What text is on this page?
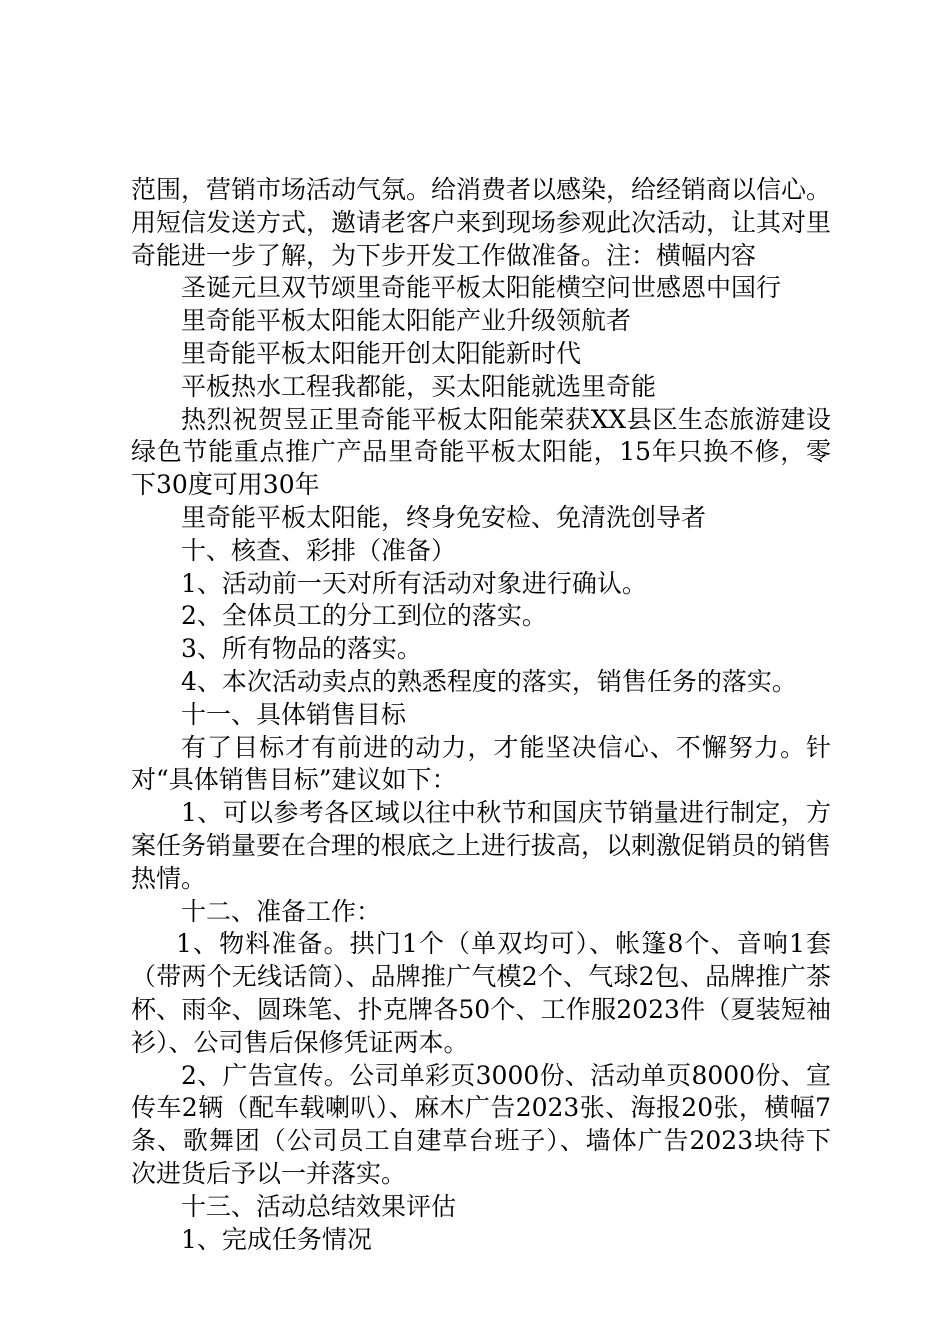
范围，营销市场活动气氛。给消费者以感染，给经销商以信心。用短信发送方式，邀请老客户来到现场参观此次活动，让其对里奇能进一步了解，为下步开发工作做准备。注：横幅内容

圣诞元旦双节颂里奇能平板太阳能横空问世感恩中国行

里奇能平板太阳能太阳能产业升级领航者

里奇能平板太阳能开创太阳能新时代

平板热水工程我都能，买太阳能就选里奇能

热烈祝贺昱正里奇能平板太阳能荣获XX县区生态旅游建设绿色节能重点推广产品里奇能平板太阳能，15年只换不修，零下30度可用30年

里奇能平板太阳能，终身免安检、免清洗创导者

十、核查、彩排（准备）

1、活动前一天对所有活动对象进行确认。

2、全体员工的分工到位的落实。

3、所有物品的落实。

4、本次活动卖点的熟悉程度的落实，销售任务的落实。

十一、具体销售目标

有了目标才有前进的动力，才能坚决信心、不懈努力。针对“具体销售目标”建议如下：

1、可以参考各区域以往中秋节和国庆节销量进行制定，方案任务销量要在合理的根底之上进行拔高，以刺激促销员的销售热情。

十二、准备工作：

1、物料准备。拱门1个（单双均可）、帐篷8个、音响1套（带两个无线话筒）、品牌推广气模2个、气球2包、品牌推广茶杯、雨伞、圆珠笔、扑克牌各50个、工作服2023件（夏装短袖衫）、公司售后保修凭证两本。

2、广告宣传。公司单彩页3000份、活动单页8000份、宣传车2辆（配车载喇叭）、麻木广告2023张、海报20张，横幅7条、歌舞团（公司员工自建草台班子）、墙体广告2023块待下次进货后予以一并落实。

十三、活动总结效果评估

1、完成任务情况
